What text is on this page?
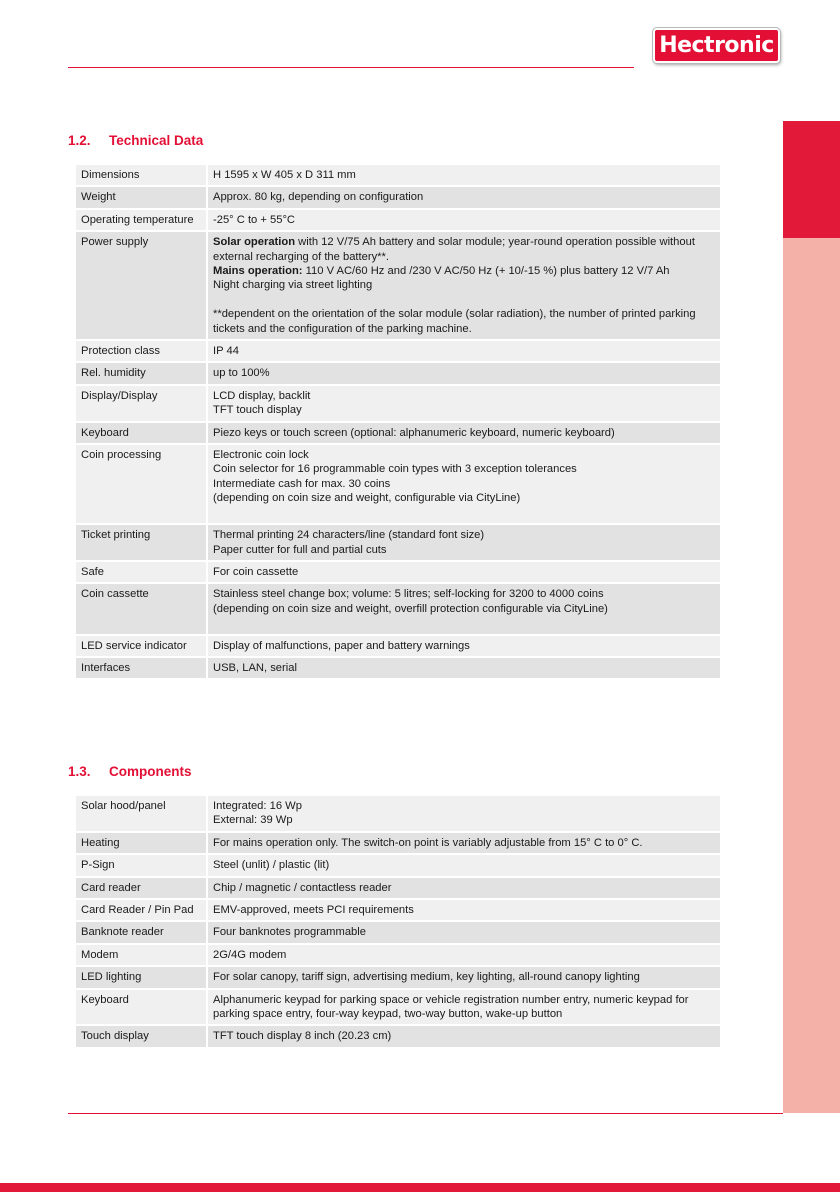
Hectronic
1.2. Technical Data
Dimensions	H 1595 x W 405 x D 311 mm
Weight	Approx. 80 kg, depending on configuration
Operating temperature	-25° C to + 55°C
Power supply	Solar operation with 12 V/75 Ah battery and solar module; year-round operation possible without
external recharging of the battery**.
Mains operation: 110 V AC/60 Hz and /230 V AC/50 Hz (+ 10/-15 %) plus battery 12 V/7 Ah
Night charging via street lighting
**dependent on the orientation of the solar module (solar radiation), the number of printed parking
tickets and the configuration of the parking machine.
Protection class	IP 44
Rel. humidity	up to 100%
Display/Display	LCD display, backlit
TFT touch display
Keyboard	Piezo keys or touch screen (optional: alphanumeric keyboard, numeric keyboard)
Coin processing	Electronic coin lock
Coin selector for 16 programmable coin types with 3 exception tolerances
Intermediate cash for max. 30 coins
(depending on coin size and weight, configurable via CityLine)
Ticket printing	Thermal printing 24 characters/line (standard font size)
Paper cutter for full and partial cuts
Safe	For coin cassette
Coin cassette	Stainless steel change box; volume: 5 litres; self-locking for 3200 to 4000 coins
(depending on coin size and weight, overfill protection configurable via CityLine)
LED service indicator	Display of malfunctions, paper and battery warnings
Interfaces	USB, LAN, serial
1.3. Components
Solar hood/panel	Integrated: 16 Wp
External: 39 Wp
Heating	For mains operation only. The switch-on point is variably adjustable from 15° C to 0° C.
P-Sign	Steel (unlit) / plastic (lit)
Card reader	Chip / magnetic / contactless reader
Card Reader / Pin Pad	EMV-approved, meets PCI requirements
Banknote reader	Four banknotes programmable
Modem	2G/4G modem
LED lighting	For solar canopy, tariff sign, advertising medium, key lighting, all-round canopy lighting
Keyboard	Alphanumeric keypad for parking space or vehicle registration number entry, numeric keypad for
parking space entry, four-way keypad, two-way button, wake-up button
Touch display	TFT touch display 8 inch (20.23 cm)
